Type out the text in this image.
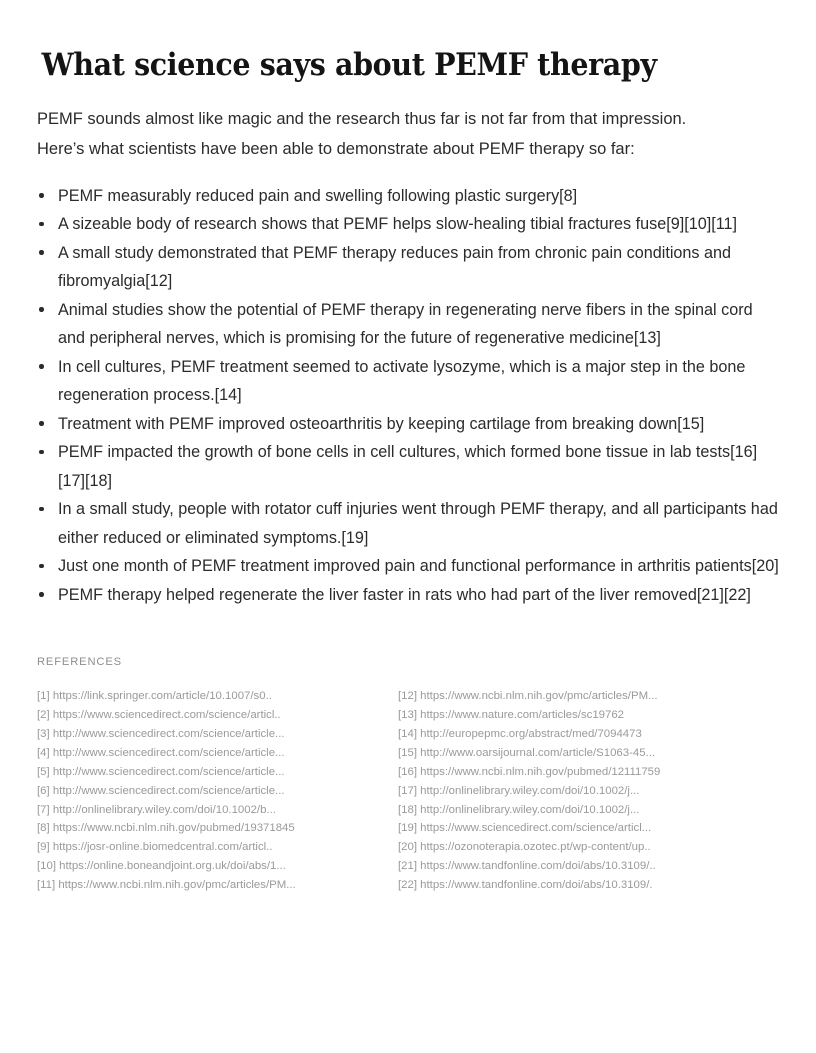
What science says about PEMF therapy

PEMF sounds almost like magic and the research thus far is not far from that impression. Here’s what scientists have been able to demonstrate about PEMF therapy so far:

PEMF measurably reduced pain and swelling following plastic surgery[8]
A sizeable body of research shows that PEMF helps slow-healing tibial fractures fuse[9][10][11]
A small study demonstrated that PEMF therapy reduces pain from chronic pain conditions and fibromyalgia[12]
Animal studies show the potential of PEMF therapy in regenerating nerve fibers in the spinal cord and peripheral nerves, which is promising for the future of regenerative medicine[13]
In cell cultures, PEMF treatment seemed to activate lysozyme, which is a major step in the bone regeneration process.[14]
Treatment with PEMF improved osteoarthritis by keeping cartilage from breaking down[15]
PEMF impacted the growth of bone cells in cell cultures, which formed bone tissue in lab tests[16][17][18]
In a small study, people with rotator cuff injuries went through PEMF therapy, and all participants had either reduced or eliminated symptoms.[19]
Just one month of PEMF treatment improved pain and functional performance in arthritis patients[20]
PEMF therapy helped regenerate the liver faster in rats who had part of the liver removed[21][22]
REFERENCES
[1] https://link.springer.com/article/10.1007/s0..
[2] https://www.sciencedirect.com/science/articl..
[3] http://www.sciencedirect.com/science/article...
[4] http://www.sciencedirect.com/science/article...
[5] http://www.sciencedirect.com/science/article...
[6] http://www.sciencedirect.com/science/article...
[7] http://onlinelibrary.wiley.com/doi/10.1002/b...
[8] https://www.ncbi.nlm.nih.gov/pubmed/19371845
[9] https://josr-online.biomedcentral.com/articl..
[10] https://online.boneandjoint.org.uk/doi/abs/1...
[11] https://www.ncbi.nlm.nih.gov/pmc/articles/PM...
[12] https://www.ncbi.nlm.nih.gov/pmc/articles/PM...
[13] https://www.nature.com/articles/sc19762
[14] http://europepmc.org/abstract/med/7094473
[15] http://www.oarsijournal.com/article/S1063-45...
[16] https://www.ncbi.nlm.nih.gov/pubmed/12111759
[17] http://onlinelibrary.wiley.com/doi/10.1002/j...
[18] http://onlinelibrary.wiley.com/doi/10.1002/j...
[19] https://www.sciencedirect.com/science/articl...
[20] https://ozonoterapia.ozotec.pt/wp-content/up..
[21] https://www.tandfonline.com/doi/abs/10.3109/..
[22] https://www.tandfonline.com/doi/abs/10.3109/.
